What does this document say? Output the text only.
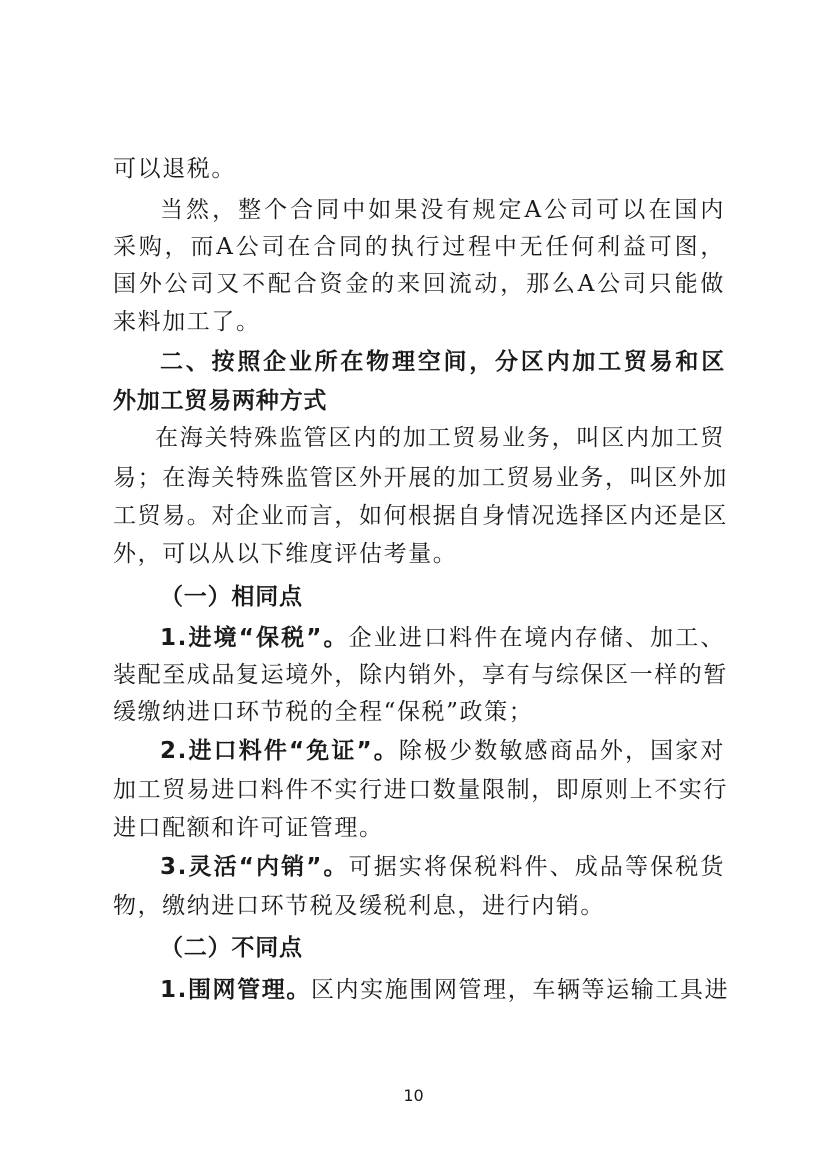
可以退税。
当然，整个合同中如果没有规定A公司可以在国内
采购，而A公司在合同的执行过程中无任何利益可图，
国外公司又不配合资金的来回流动，那么A公司只能做
来料加工了。
二、按照企业所在物理空间，分区内加工贸易和区
外加工贸易两种方式
在海关特殊监管区内的加工贸易业务，叫区内加工贸
易；在海关特殊监管区外开展的加工贸易业务，叫区外加
工贸易。对企业而言，如何根据自身情况选择区内还是区
外，可以从以下维度评估考量。
（一）相同点
1.进境“保税”。企业进口料件在境内存储、加工、
装配至成品复运境外，除内销外，享有与综保区一样的暂
缓缴纳进口环节税的全程“保税”政策；
2.进口料件“免证”。除极少数敏感商品外，国家对
加工贸易进口料件不实行进口数量限制，即原则上不实行
进口配额和许可证管理。
3.灵活“内销”。可据实将保税料件、成品等保税货
物，缴纳进口环节税及缓税利息，进行内销。
（二）不同点
1.围网管理。区内实施围网管理，车辆等运输工具进
10
